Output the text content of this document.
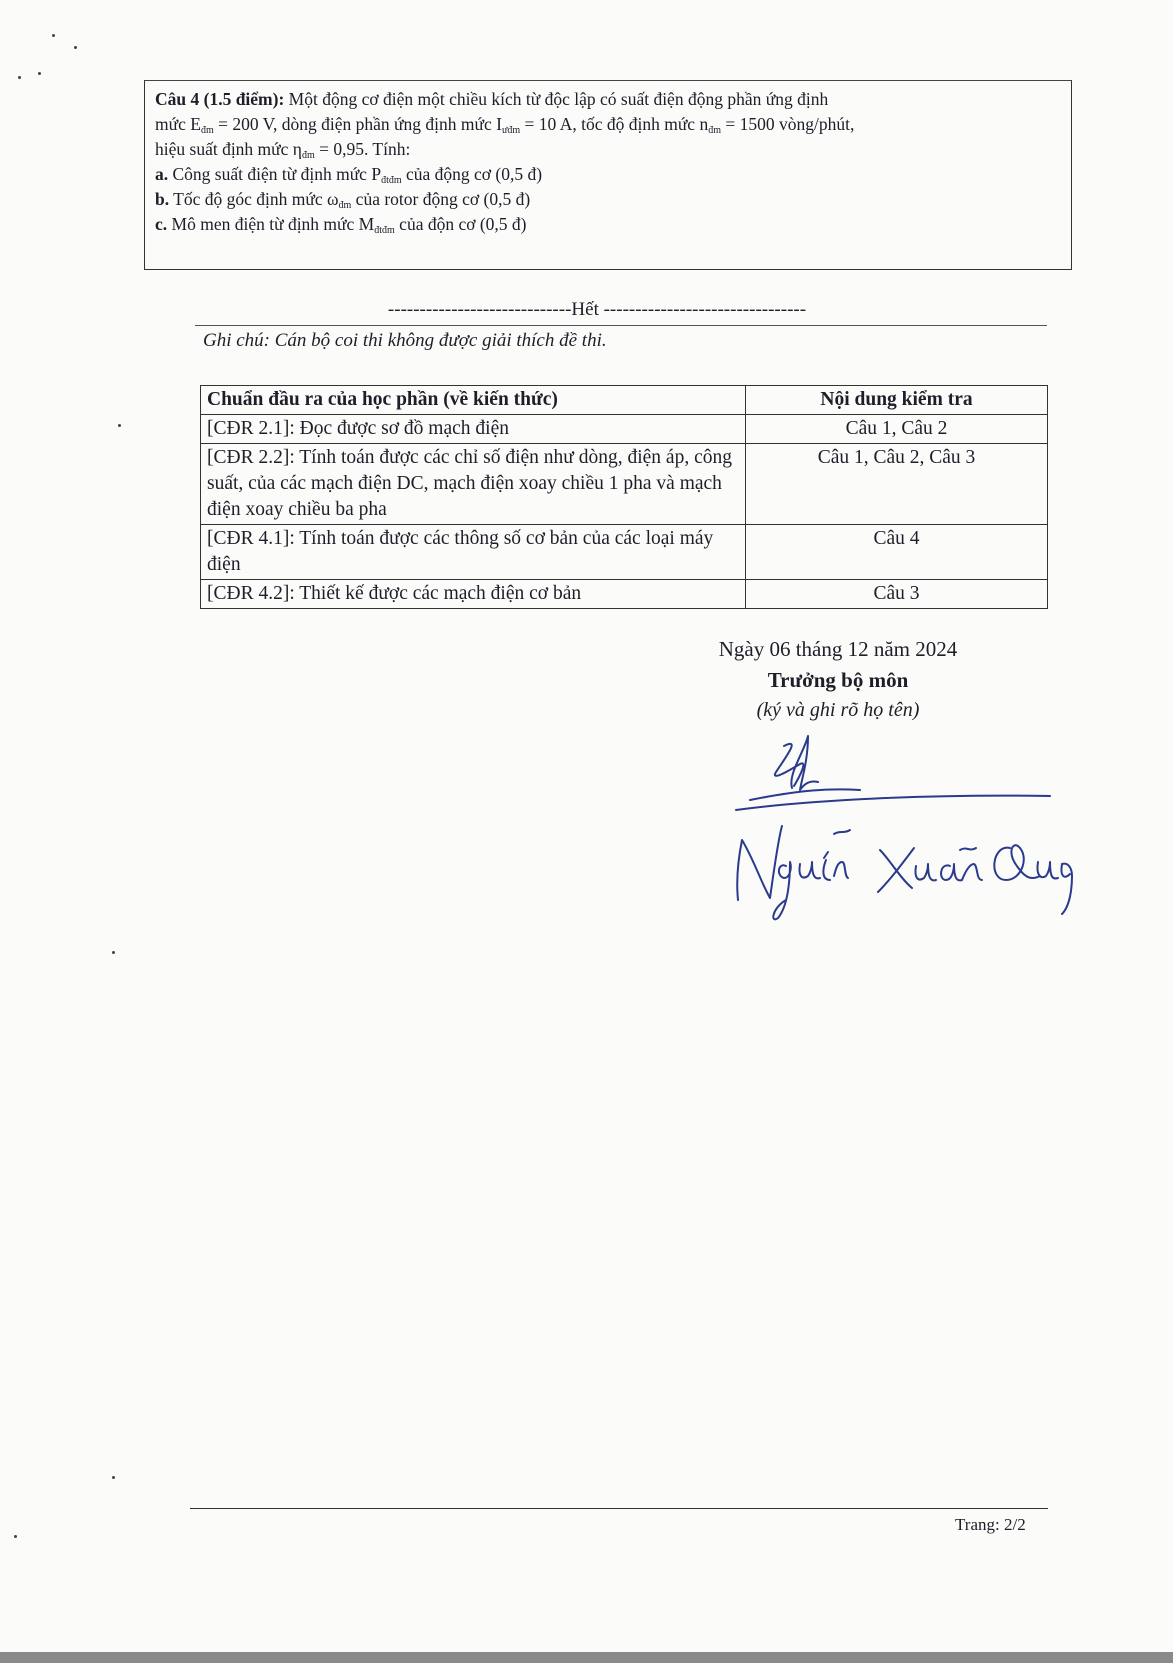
Câu 4 (1.5 điểm): Một động cơ điện một chiều kích từ độc lập có suất điện động phần ứng định
mức $E_{đm} = 200$ V, dòng điện phần ứng định mức $I_{ưđm} = 10$ A, tốc độ định mức $n_{đm} = 1500$ vòng/phút,
hiệu suất định mức $\eta_{đm} = 0,95$. Tính:
a. Công suất điện từ định mức $P_{đtđm}$ của động cơ (0,5 đ)
b. Tốc độ góc định mức $\omega_{đm}$ của rotor động cơ (0,5 đ)
c. Mô men điện từ định mức $M_{đtđm}$ của độn cơ (0,5 đ)
-----------------------------Hết --------------------------------
Ghi chú: Cán bộ coi thi không được giải thích đề thi.
Chuẩn đầu ra của học phần (về kiến thức)	Nội dung kiểm tra
[CĐR 2.1]: Đọc được sơ đồ mạch điện	Câu 1, Câu 2
[CĐR 2.2]: Tính toán được các chỉ số điện như dòng, điện áp, công suất, của các mạch điện DC, mạch điện xoay chiều 1 pha và mạch điện xoay chiều ba pha	Câu 1, Câu 2, Câu 3
[CĐR 4.1]: Tính toán được các thông số cơ bản của các loại máy điện	Câu 4
[CĐR 4.2]: Thiết kế được các mạch điện cơ bản	Câu 3
Ngày 06 tháng 12 năm 2024
Trưởng bộ môn
(ký và ghi rõ họ tên)
Trang: 2/2
